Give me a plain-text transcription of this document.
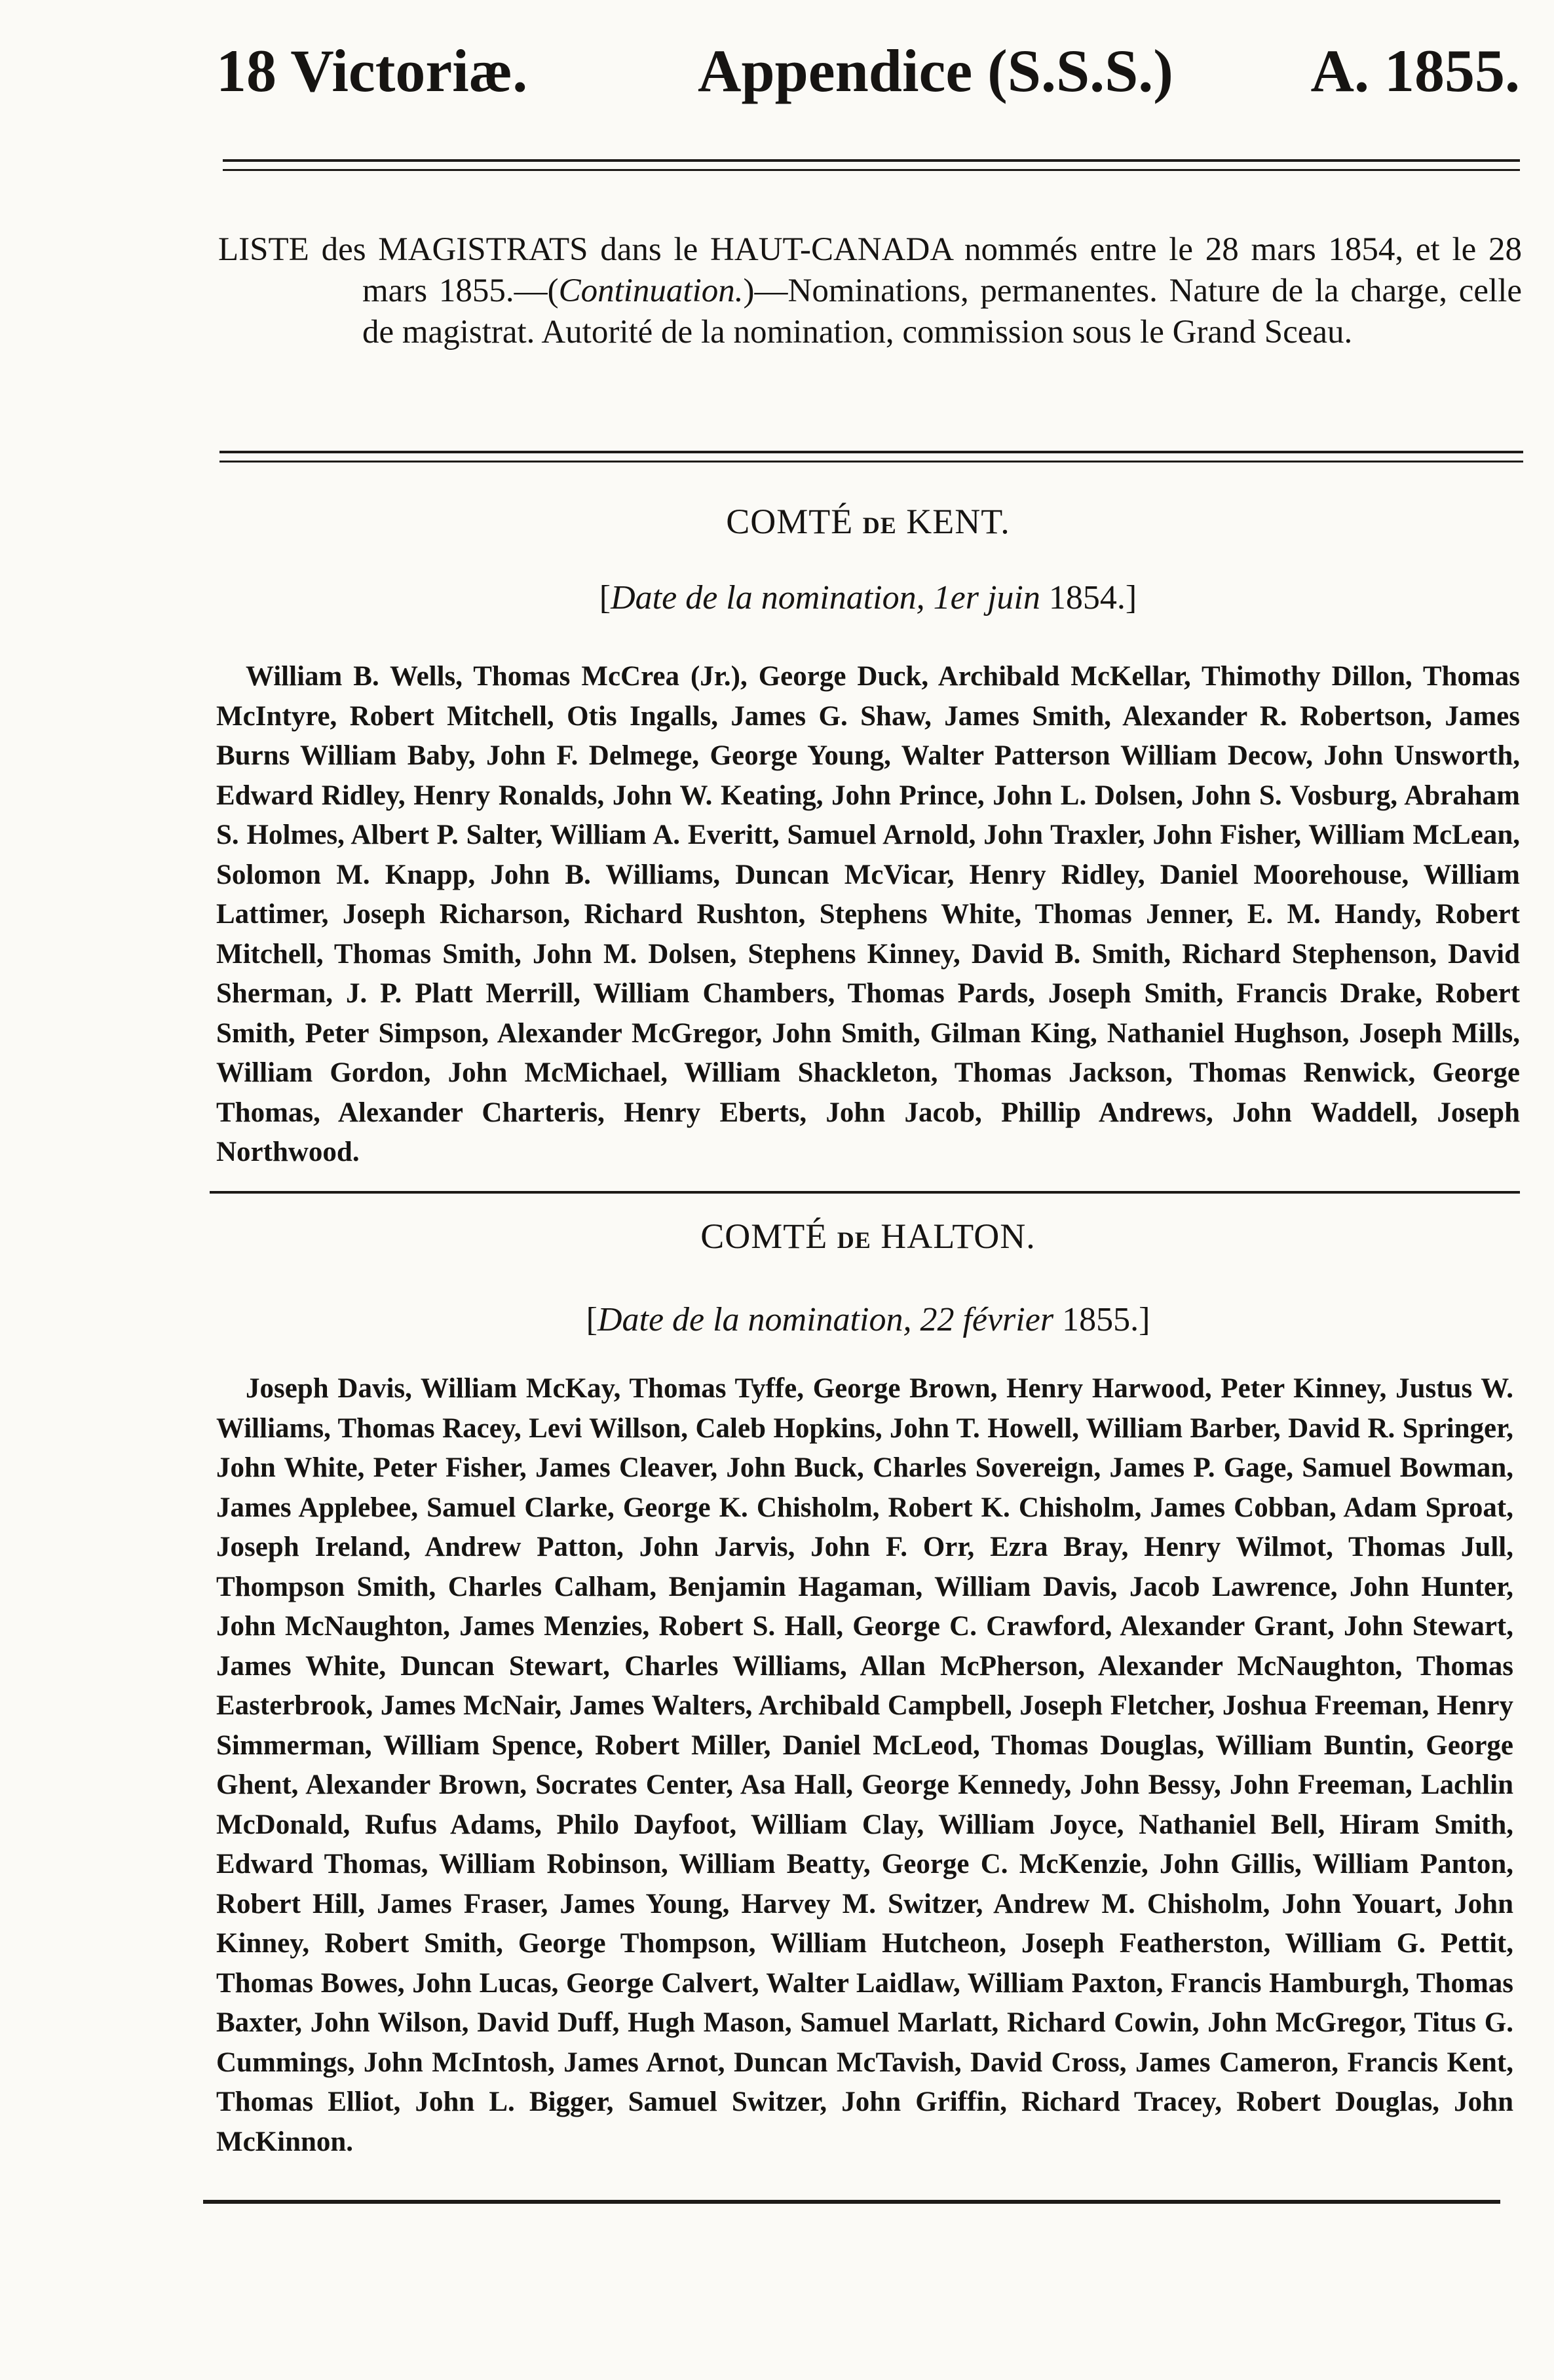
18 Victoriæ.	Appendice (S.S.S.) A. 1855.
LISTE des MAGISTRATS dans le HAUT-CANADA nommés entre le 28 mars 1854, et le 28 mars 1855.—(Continuation.)—Nominations, permanentes. Nature de la charge, celle de magistrat. Autorité de la nomination, commission sous le Grand Sceau.
COMTÉ DE KENT.
[Date de la nomination, 1er juin 1854.]
William B. Wells, Thomas McCrea (Jr.), George Duck, Archibald McKellar, Thimothy Dillon, Thomas McIntyre, Robert Mitchell, Otis Ingalls, James G. Shaw, James Smith, Alexander R. Robertson, James Burns William Baby, John F. Delmege, George Young, Walter Patterson William Decow, John Unsworth, Edward Ridley, Henry Ronalds, John W. Keating, John Prince, John L. Dolsen, John S. Vosburg, Abraham S. Holmes, Albert P. Salter, William A. Everitt, Samuel Arnold, John Traxler, John Fisher, William McLean, Solomon M. Knapp, John B. Williams, Duncan McVicar, Henry Ridley, Daniel Moorehouse, William Lattimer, Joseph Richarson, Richard Rushton, Stephens White, Thomas Jenner, E. M. Handy, Robert Mitchell, Thomas Smith, John M. Dolsen, Stephens Kinney, David B. Smith, Richard Stephenson, David Sherman, J. P. Platt Merrill, William Chambers, Thomas Pards, Joseph Smith, Francis Drake, Robert Smith, Peter Simpson, Alexander McGregor, John Smith, Gilman King, Nathaniel Hughson, Joseph Mills, William Gordon, John McMichael, William Shackleton, Thomas Jackson, Thomas Renwick, George Thomas, Alexander Charteris, Henry Eberts, John Jacob, Phillip Andrews, John Waddell, Joseph Northwood.
COMTÉ DE HALTON.
[Date de la nomination, 22 février 1855.]
Joseph Davis, William McKay, Thomas Tyffe, George Brown, Henry Harwood, Peter Kinney, Justus W. Williams, Thomas Racey, Levi Willson, Caleb Hopkins, John T. Howell, William Barber, David R. Springer, John White, Peter Fisher, James Cleaver, John Buck, Charles Sovereign, James P. Gage, Samuel Bowman, James Applebee, Samuel Clarke, George K. Chisholm, Robert K. Chisholm, James Cobban, Adam Sproat, Joseph Ireland, Andrew Patton, John Jarvis, John F. Orr, Ezra Bray, Henry Wilmot, Thomas Jull, Thompson Smith, Charles Calham, Benjamin Hagaman, William Davis, Jacob Lawrence, John Hunter, John McNaughton, James Menzies, Robert S. Hall, George C. Crawford, Alexander Grant, John Stewart, James White, Duncan Stewart, Charles Williams, Allan McPherson, Alexander McNaughton, Thomas Easterbrook, James McNair, James Walters, Archibald Campbell, Joseph Fletcher, Joshua Freeman, Henry Simmerman, William Spence, Robert Miller, Daniel McLeod, Thomas Douglas, William Buntin, George Ghent, Alexander Brown, Socrates Center, Asa Hall, George Kennedy, John Bessy, John Freeman, Lachlin McDonald, Rufus Adams, Philo Dayfoot, William Clay, William Joyce, Nathaniel Bell, Hiram Smith, Edward Thomas, William Robinson, William Beatty, George C. McKenzie, John Gillis, William Panton, Robert Hill, James Fraser, James Young, Harvey M. Switzer, Andrew M. Chisholm, John Youart, John Kinney, Robert Smith, George Thompson, William Hutcheon, Joseph Featherston, William G. Pettit, Thomas Bowes, John Lucas, George Calvert, Walter Laidlaw, William Paxton, Francis Hamburgh, Thomas Baxter, John Wilson, David Duff, Hugh Mason, Samuel Marlatt, Richard Cowin, John McGregor, Titus G. Cummings, John McIntosh, James Arnot, Duncan McTavish, David Cross, James Cameron, Francis Kent, Thomas Elliot, John L. Bigger, Samuel Switzer, John Griffin, Richard Tracey, Robert Douglas, John McKinnon.
